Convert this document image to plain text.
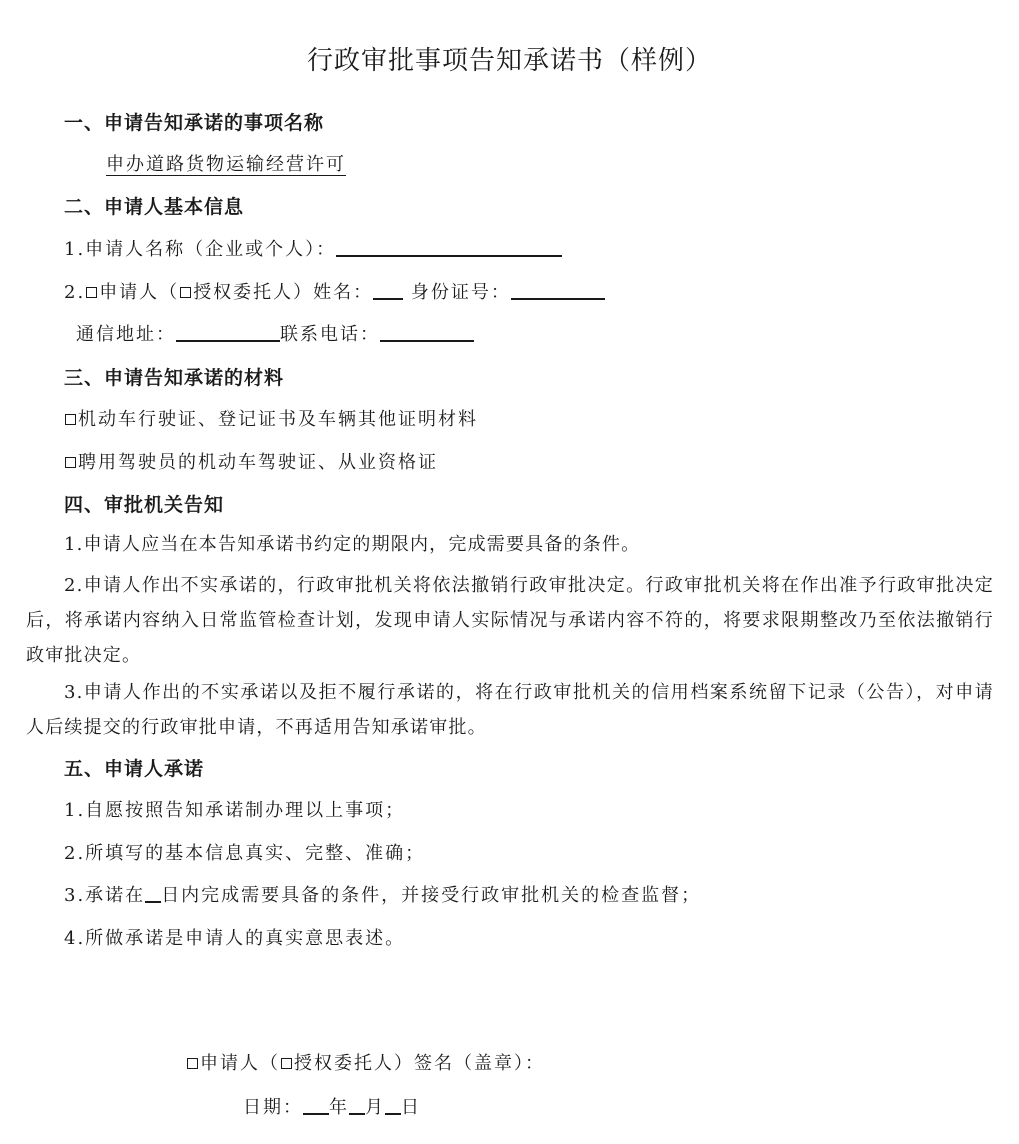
行政审批事项告知承诺书（样例）
一、申请告知承诺的事项名称
申办道路货物运输经营许可
二、申请人基本信息
1.申请人名称（企业或个人）：
2. 申请人（ 授权委托人）姓名： 身份证号：
通信地址：	联系电话：
三、申请告知承诺的材料
机动车行驶证、登记证书及车辆其他证明材料
聘用驾驶员的机动车驾驶证、从业资格证
四、审批机关告知
1.申请人应当在本告知承诺书约定的期限内，完成需要具备的条件。
2.申请人作出不实承诺的，行政审批机关将依法撤销行政审批决定。行政审批机关将在作出准予行政审批决定后，将承诺内容纳入日常监管检查计划，发现申请人实际情况与承诺内容不符的，将要求限期整改乃至依法撤销行政审批决定。
3.申请人作出的不实承诺以及拒不履行承诺的，将在行政审批机关的信用档案系统留下记录（公告），对申请人后续提交的行政审批申请，不再适用告知承诺审批。
五、申请人承诺
1.自愿按照告知承诺制办理以上事项；
2.所填写的基本信息真实、完整、准确；
3.承诺在 日内完成需要具备的条件，并接受行政审批机关的检查监督；
4.所做承诺是申请人的真实意思表述。
申请人（ 授权委托人）签名（盖章）：
日期： 年 月 日
